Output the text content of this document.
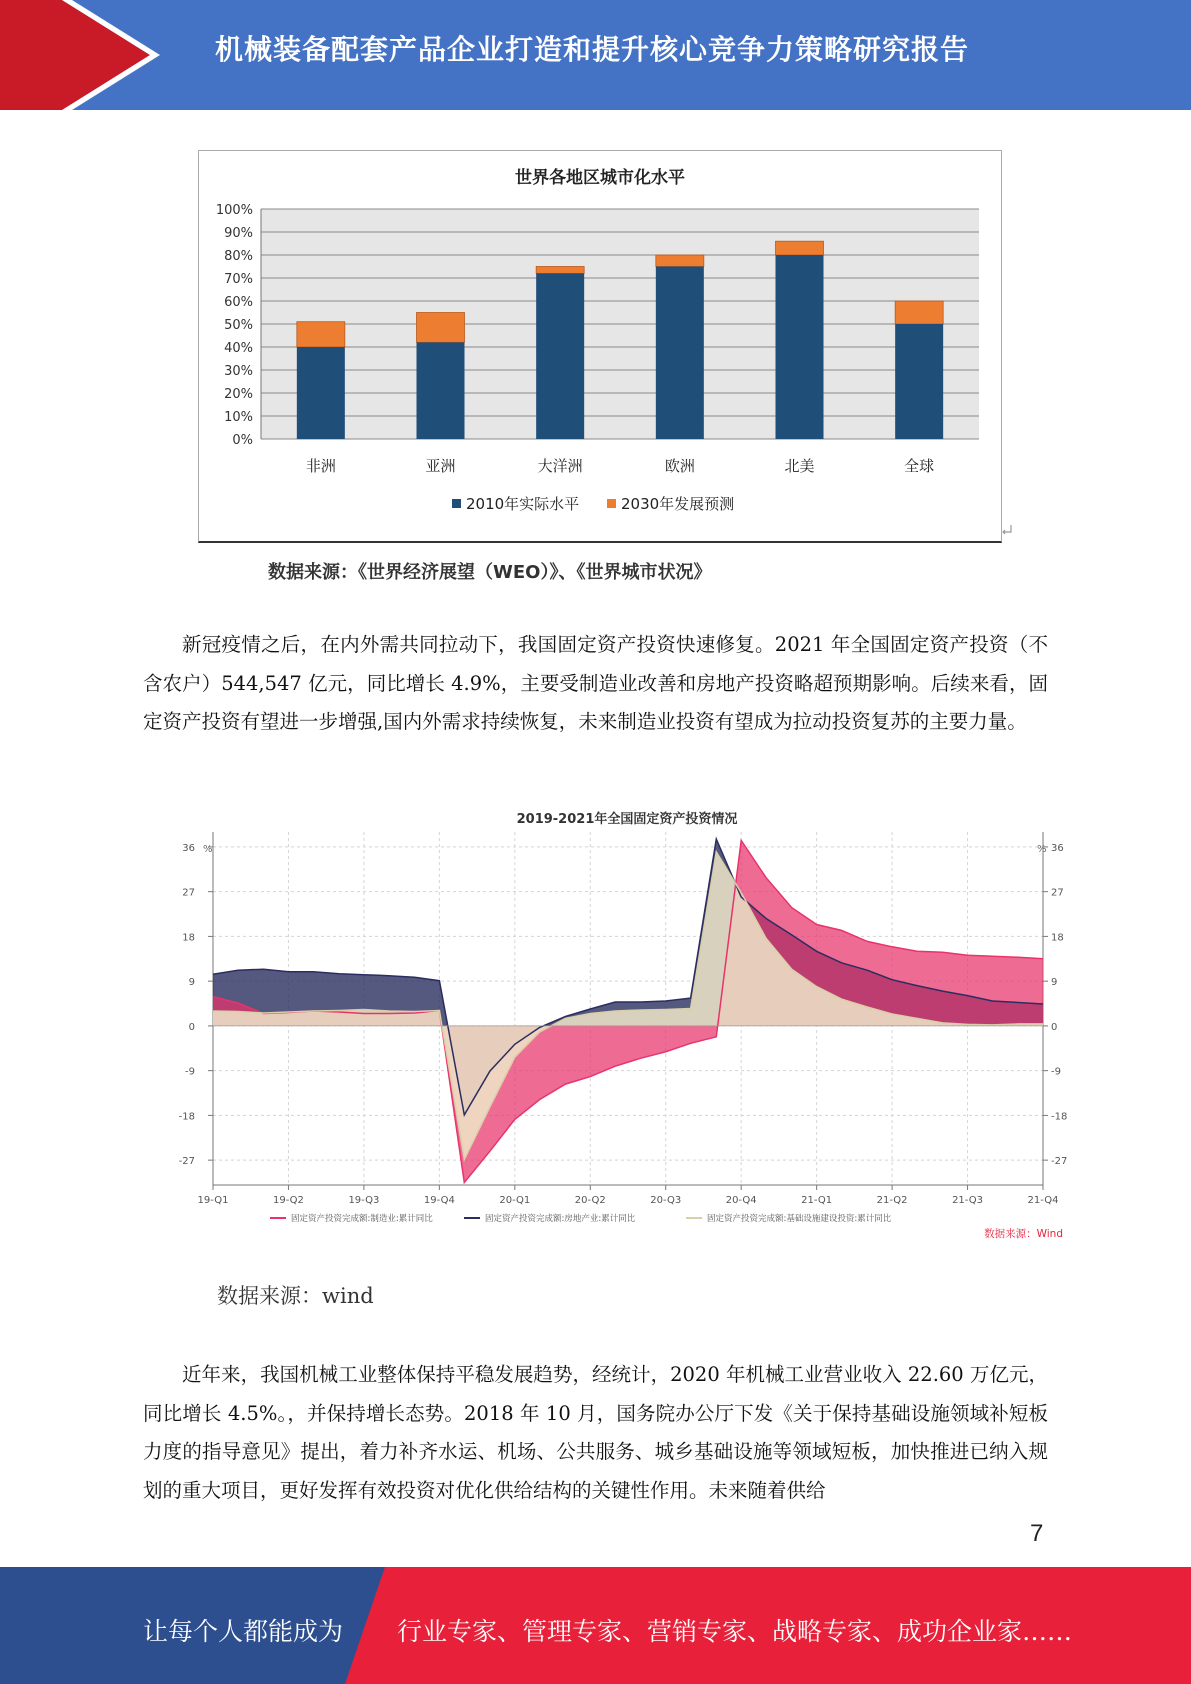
机械装备配套产品企业打造和提升核心竞争力策略研究报告
世界各地区城市化水平
0%
10%
20%
30%
40%
50%
60%
70%
80%
90%
100%
非洲	亚洲	大洋洲	欧洲	北美	全球
2010年实际水平	2030年发展预测
数据来源：《世界经济展望（WEO）》、《世界城市状况》

新冠疫情之后，在内外需共同拉动下，我国固定资产投资快速修复。2021 年全国固定资产投资（不含农户）544,547 亿元，同比增长 4.9%，主要受制造业改善和房地产投资略超预期影响。后续来看，固定资产投资有望进一步增强,国内外需求持续恢复，未来制造业投资有望成为拉动投资复苏的主要力量。

2019-2021年全国固定资产投资情况
%	%
36	36
27	27
18	18
9	9
0	0
-9	-9
-18	-18
-27	-27
19-Q1	19-Q2	19-Q3	19-Q4	20-Q1	20-Q2	20-Q3	20-Q4	21-Q1	21-Q2	21-Q3	21-Q4
固定资产投资完成额:制造业:累计同比	固定资产投资完成额:房地产业:累计同比	固定资产投资完成额:基础设施建设投资:累计同比
数据来源：Wind
数据来源：wind

近年来，我国机械工业整体保持平稳发展趋势，经统计，2020 年机械工业营业收入 22.60 万亿元，同比增长 4.5%。，并保持增长态势。2018 年 10 月，国务院办公厅下发《关于保持基础设施领域补短板力度的指导意见》提出，着力补齐水运、机场、公共服务、城乡基础设施等领域短板，加快推进已纳入规划的重大项目，更好发挥有效投资对优化供给结构的关键性作用。未来随着供给

7
让每个人都能成为 行业专家、管理专家、营销专家、战略专家、成功企业家……
